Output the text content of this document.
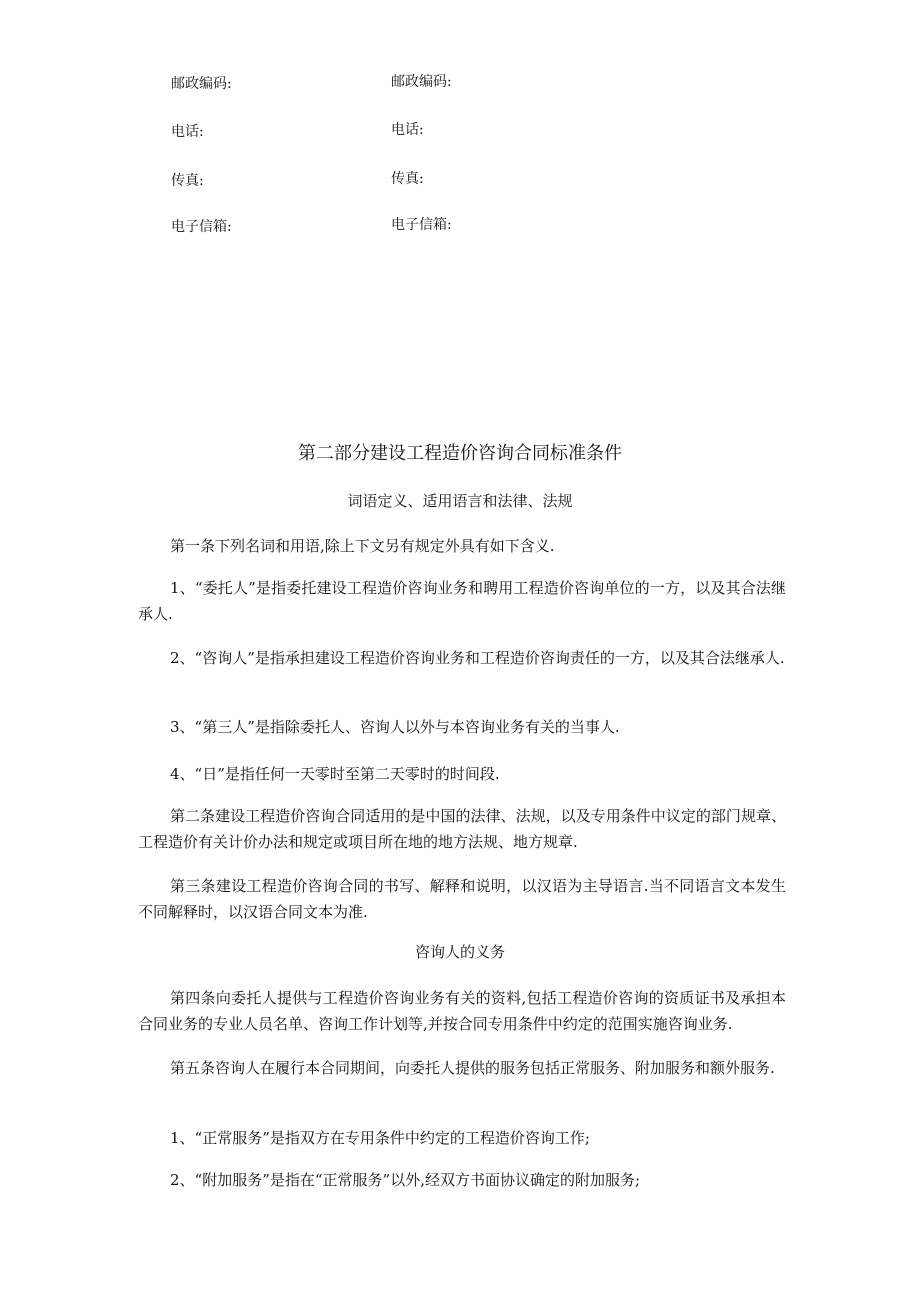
邮政编码:	邮政编码:
电话:	电话:
传真:	传真:
电子信箱:	电子信箱:
第二部分建设工程造价咨询合同标准条件
词语定义、适用语言和法律、法规
第一条下列名词和用语,除上下文另有规定外具有如下含义.
1、“委托人”是指委托建设工程造价咨询业务和聘用工程造价咨询单位的一方，以及其合法继承人.
2、“咨询人”是指承担建设工程造价咨询业务和工程造价咨询责任的一方，以及其合法继承人.
3、“第三人”是指除委托人、咨询人以外与本咨询业务有关的当事人.
4、“日”是指任何一天零时至第二天零时的时间段.
第二条建设工程造价咨询合同适用的是中国的法律、法规，以及专用条件中议定的部门规章、工程造价有关计价办法和规定或项目所在地的地方法规、地方规章.
第三条建设工程造价咨询合同的书写、解释和说明，以汉语为主导语言.当不同语言文本发生不同解释时，以汉语合同文本为准.
咨询人的义务
第四条向委托人提供与工程造价咨询业务有关的资料,包括工程造价咨询的资质证书及承担本合同业务的专业人员名单、咨询工作计划等,并按合同专用条件中约定的范围实施咨询业务.
第五条咨询人在履行本合同期间，向委托人提供的服务包括正常服务、附加服务和额外服务.
1、“正常服务”是指双方在专用条件中约定的工程造价咨询工作;
2、“附加服务”是指在“正常服务”以外,经双方书面协议确定的附加服务;
